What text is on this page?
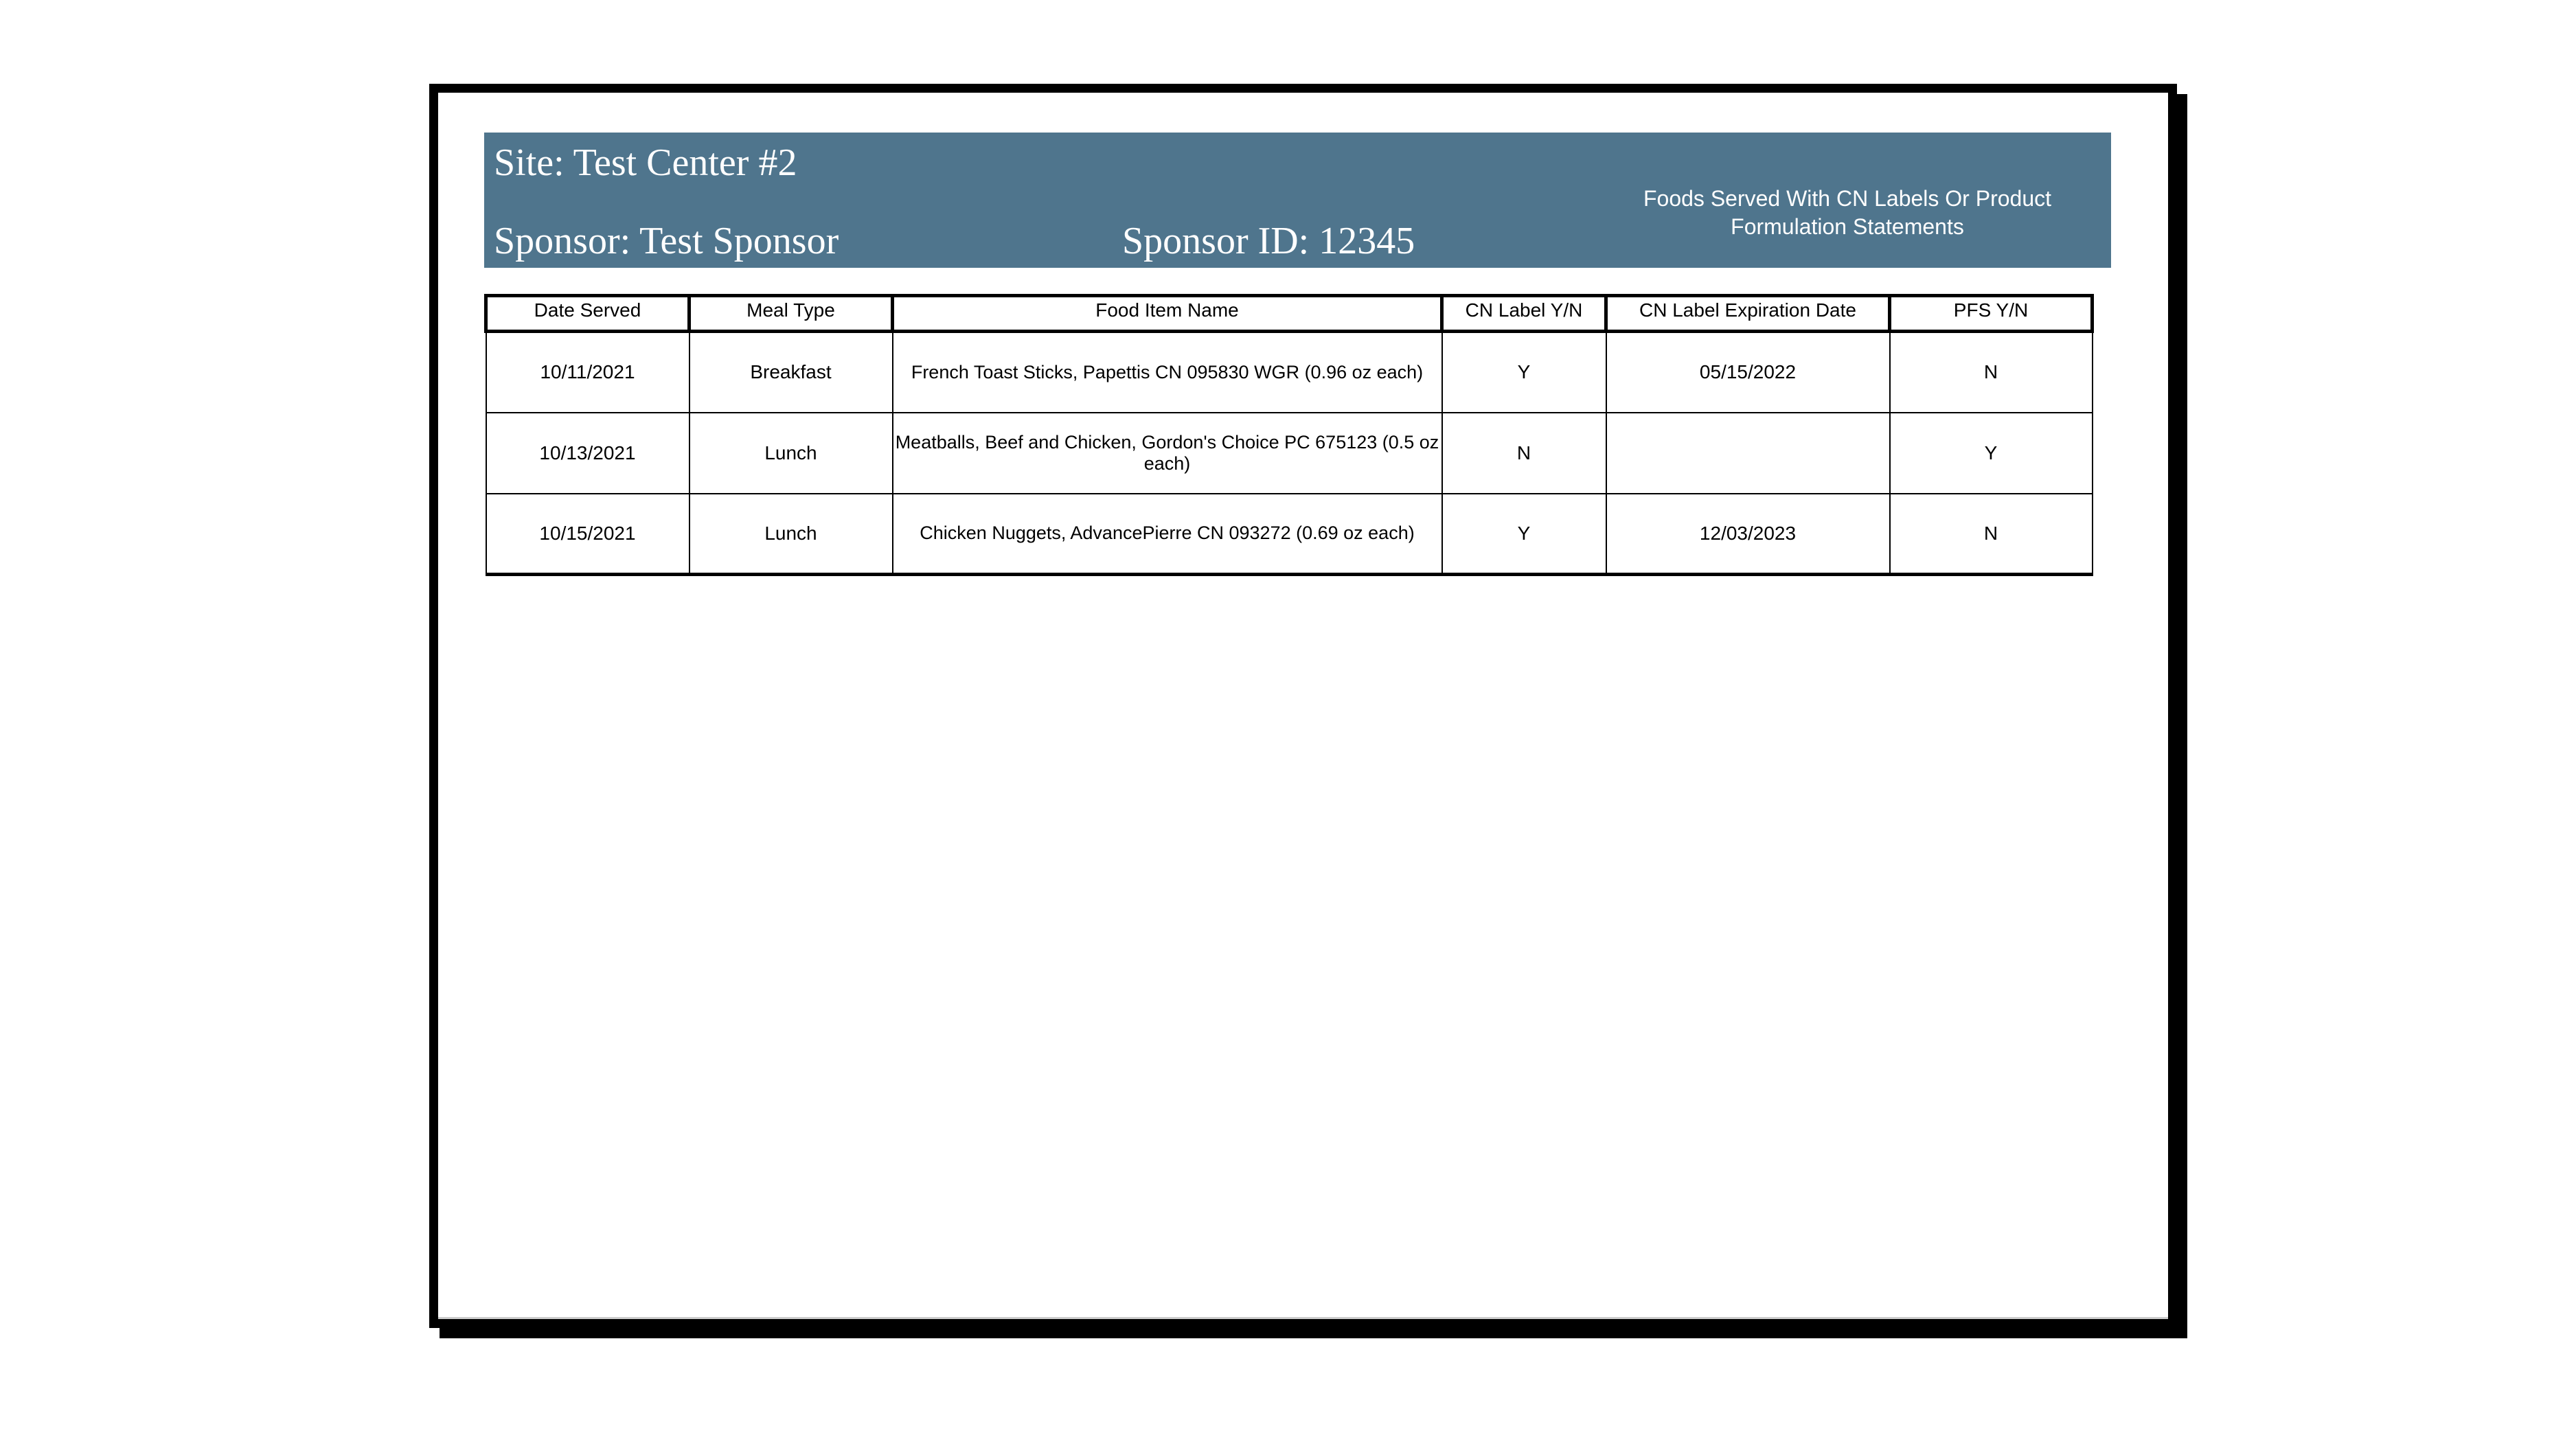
Site: Test Center #2
Sponsor: Test Sponsor	Sponsor ID: 12345
Foods Served With CN Labels Or Product Formulation Statements
Date Served	Meal Type	Food Item Name	CN Label Y/N	CN Label Expiration Date	PFS Y/N
10/11/2021	Breakfast	French Toast Sticks, Papettis CN 095830 WGR (0.96 oz each)	Y	05/15/2022	N
10/13/2021	Lunch	Meatballs, Beef and Chicken, Gordon's Choice PC 675123 (0.5 oz each)	N		Y
10/15/2021	Lunch	Chicken Nuggets, AdvancePierre CN 093272 (0.69 oz each)	Y	12/03/2023	N
